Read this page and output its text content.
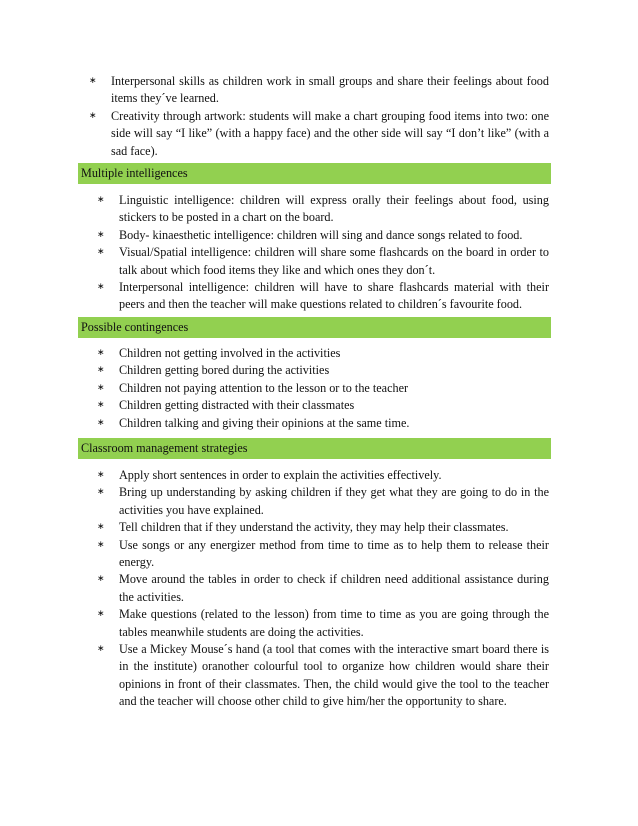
∗ Interpersonal skills as children work in small groups and share their feelings about food items they´ve learned.
∗ Creativity through artwork: students will make a chart grouping food items into two: one side will say “I like” (with a happy face) and the other side will say “I don’t like” (with a sad face).
Multiple intelligences
∗ Linguistic intelligence: children will express orally their feelings about food, using stickers to be posted in a chart on the board.
∗ Body- kinaesthetic intelligence: children will sing and dance songs related to food.
∗ Visual/Spatial intelligence: children will share some flashcards on the board in order to talk about which food items they like and which ones they don´t.
∗ Interpersonal intelligence: children will have to share flashcards material with their peers and then the teacher will make questions related to children´s favourite food.
Possible contingences
∗ Children not getting involved in the activities
∗ Children getting bored during the activities
∗ Children not paying attention to the lesson or to the teacher
∗ Children getting distracted with their classmates
∗ Children talking and giving their opinions at the same time.
Classroom management strategies
∗ Apply short sentences in order to explain the activities effectively.
∗ Bring up understanding by asking children if they get what they are going to do in the activities you have explained.
∗ Tell children that if they understand the activity, they may help their classmates.
∗ Use songs or any energizer method from time to time as to help them to release their energy.
∗ Move around the tables in order to check if children need additional assistance during the activities.
∗ Make questions (related to the lesson) from time to time as you are going through the tables meanwhile students are doing the activities.
∗ Use a Mickey Mouse´s hand (a tool that comes with the interactive smart board there is in the institute) oranother colourful tool to organize how children would share their opinions in front of their classmates. Then, the child would give the tool to the teacher and the teacher will choose other child to give him/her the opportunity to share.
